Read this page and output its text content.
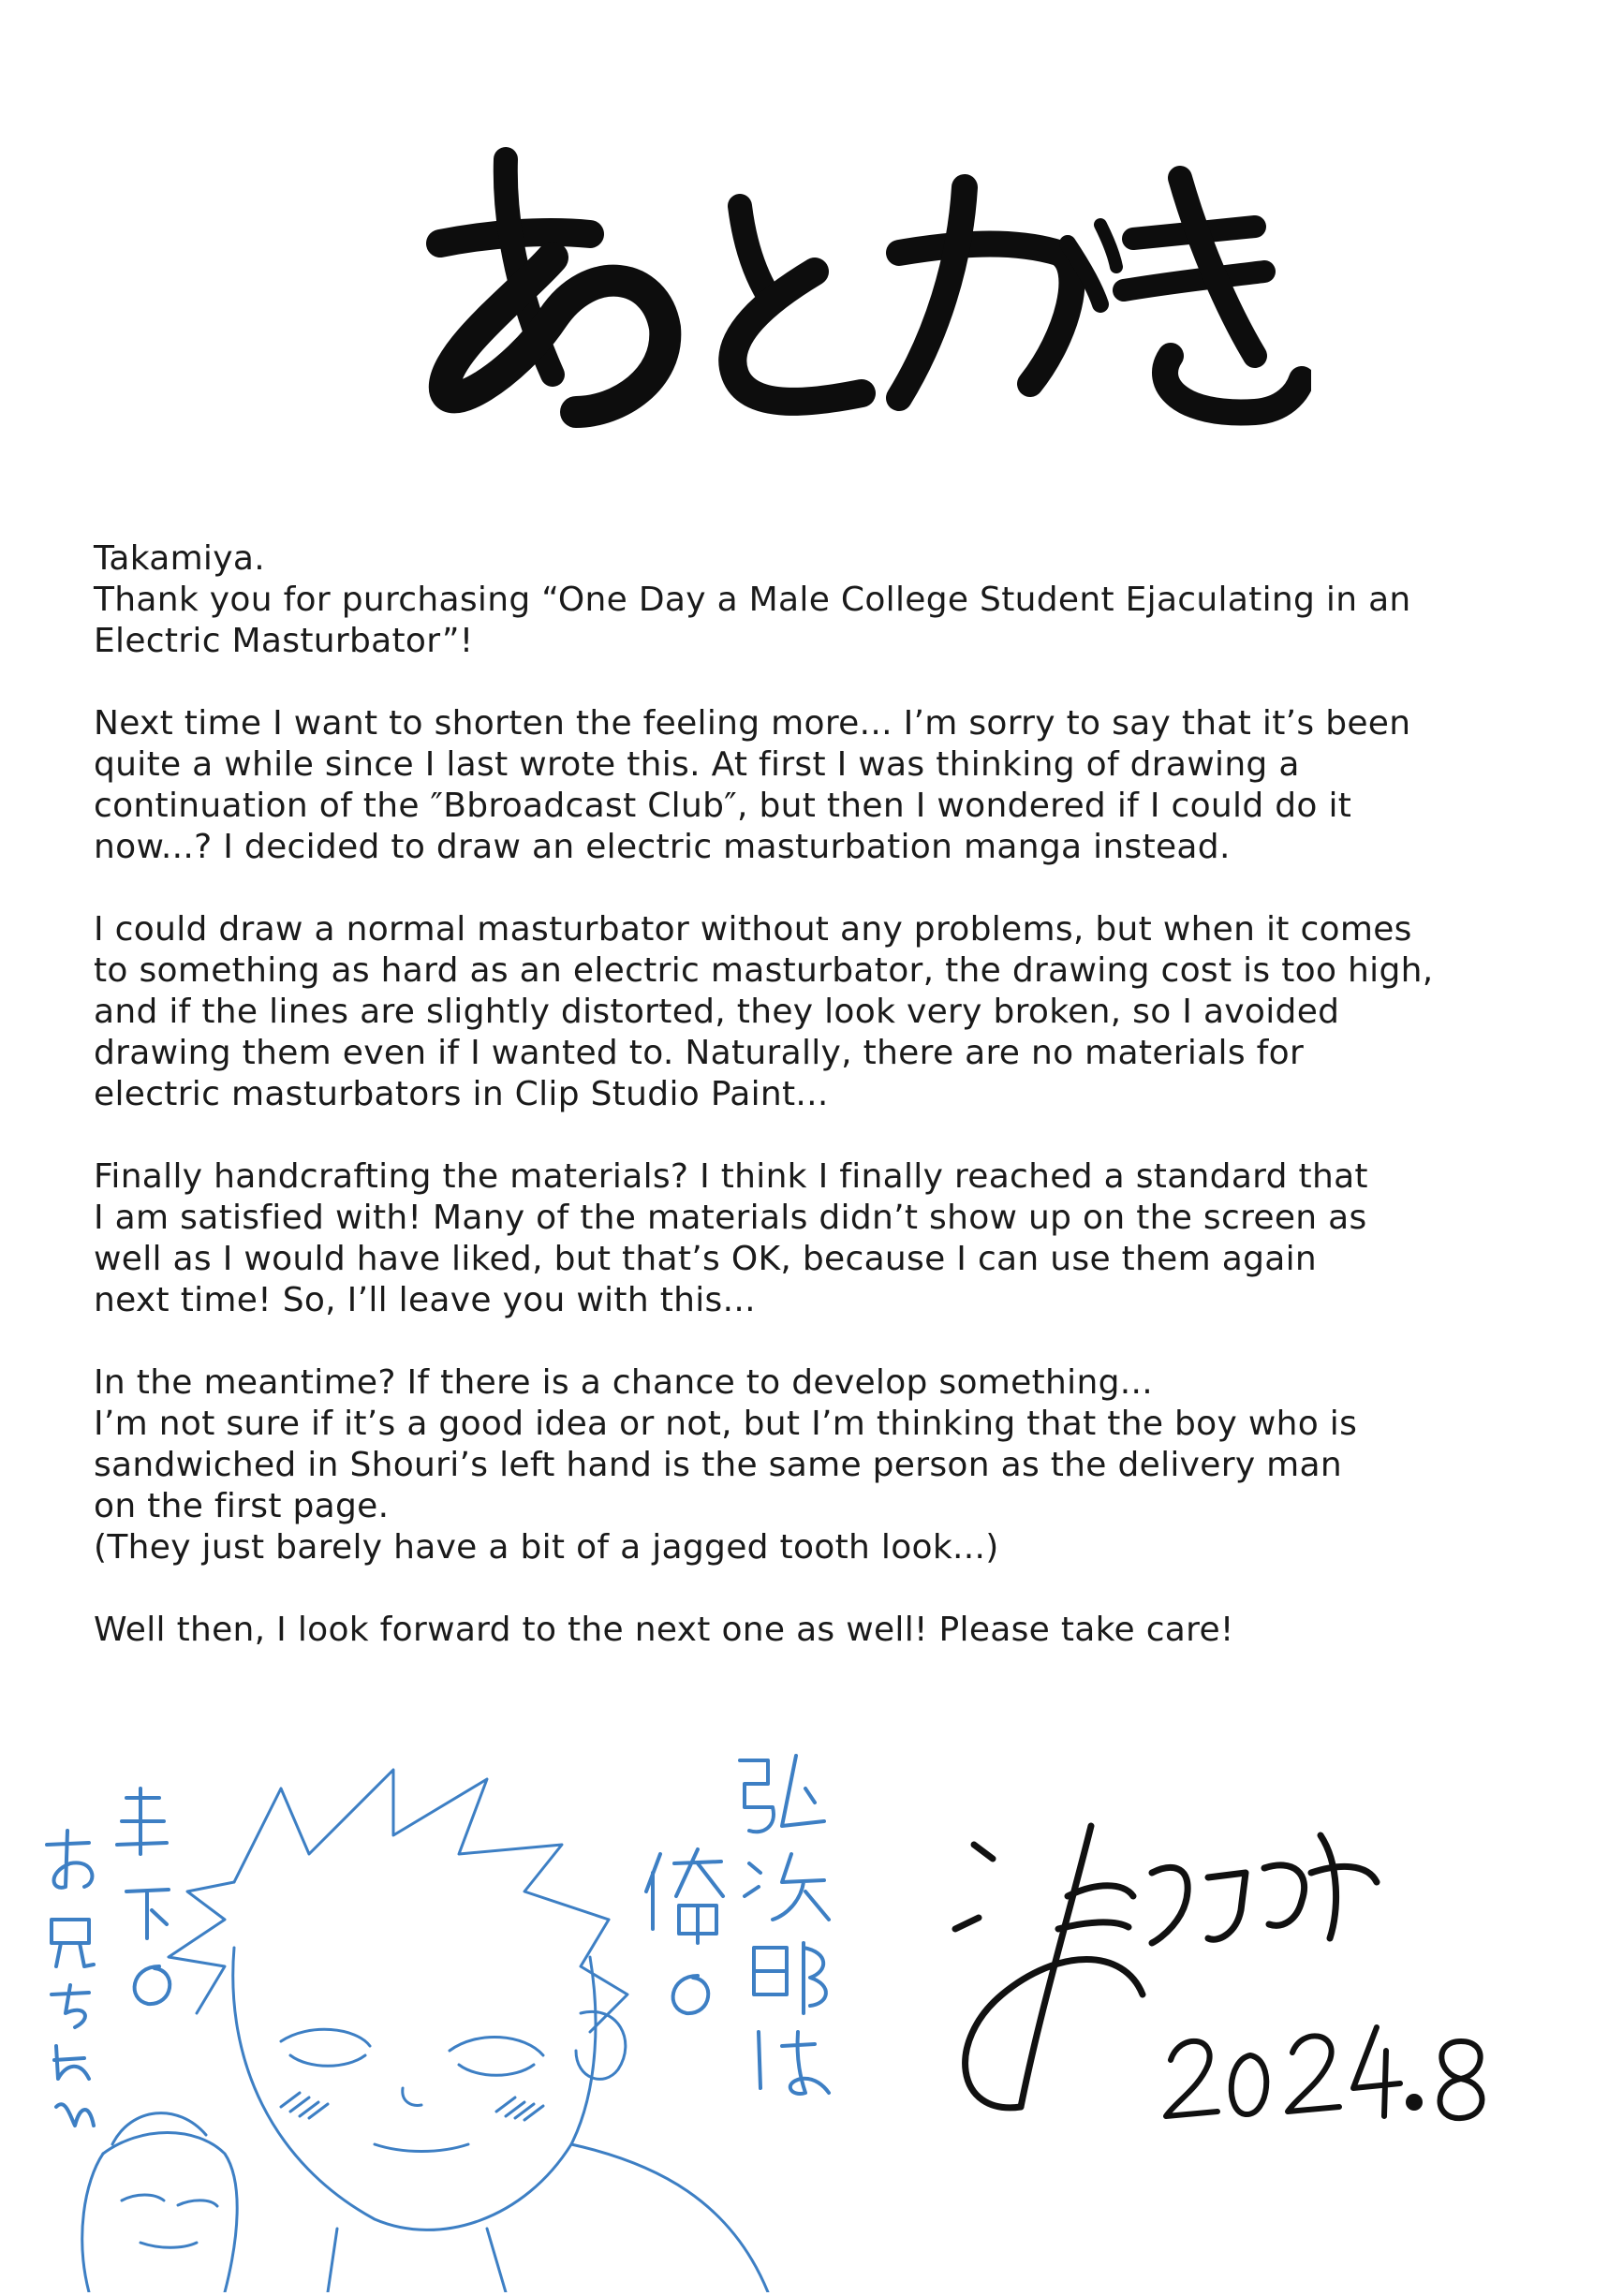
Takamiya.
Thank you for purchasing “One Day a Male College Student Ejaculating in an
Electric Masturbator”!

Next time I want to shorten the feeling more... I’m sorry to say that it’s been
quite a while since I last wrote this. At first I was thinking of drawing a
continuation of the ″Bbroadcast Club″, but then I wondered if I could do it
now...? I decided to draw an electric masturbation manga instead.

I could draw a normal masturbator without any problems, but when it comes
to something as hard as an electric masturbator, the drawing cost is too high,
and if the lines are slightly distorted, they look very broken, so I avoided
drawing them even if I wanted to. Naturally, there are no materials for
electric masturbators in Clip Studio Paint...

Finally handcrafting the materials? I think I finally reached a standard that
I am satisfied with! Many of the materials didn’t show up on the screen as
well as I would have liked, but that’s OK, because I can use them again
next time! So, I’ll leave you with this...

In the meantime? If there is a chance to develop something...
I’m not sure if it’s a good idea or not, but I’m thinking that the boy who is
sandwiched in Shouri’s left hand is the same person as the delivery man
on the first page.
(They just barely have a bit of a jagged tooth look...)

Well then, I look forward to the next one as well! Please take care!
